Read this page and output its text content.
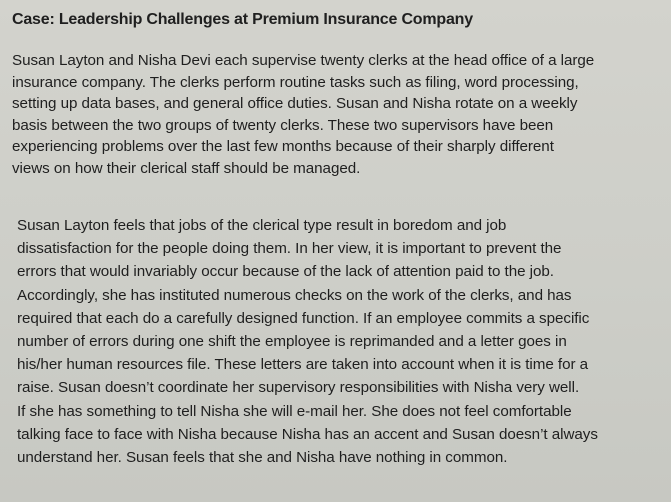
Case: Leadership Challenges at Premium Insurance Company

Susan Layton and Nisha Devi each supervise twenty clerks at the head office of a large
insurance company. The clerks perform routine tasks such as filing, word processing,
setting up data bases, and general office duties. Susan and Nisha rotate on a weekly
basis between the two groups of twenty clerks. These two supervisors have been
experiencing problems over the last few months because of their sharply different
views on how their clerical staff should be managed.

Susan Layton feels that jobs of the clerical type result in boredom and job
dissatisfaction for the people doing them. In her view, it is important to prevent the
errors that would invariably occur because of the lack of attention paid to the job.
Accordingly, she has instituted numerous checks on the work of the clerks, and has
required that each do a carefully designed function. If an employee commits a specific
number of errors during one shift the employee is reprimanded and a letter goes in
his/her human resources file. These letters are taken into account when it is time for a
raise. Susan doesn’t coordinate her supervisory responsibilities with Nisha very well.
If she has something to tell Nisha she will e-mail her. She does not feel comfortable
talking face to face with Nisha because Nisha has an accent and Susan doesn’t always
understand her. Susan feels that she and Nisha have nothing in common.
